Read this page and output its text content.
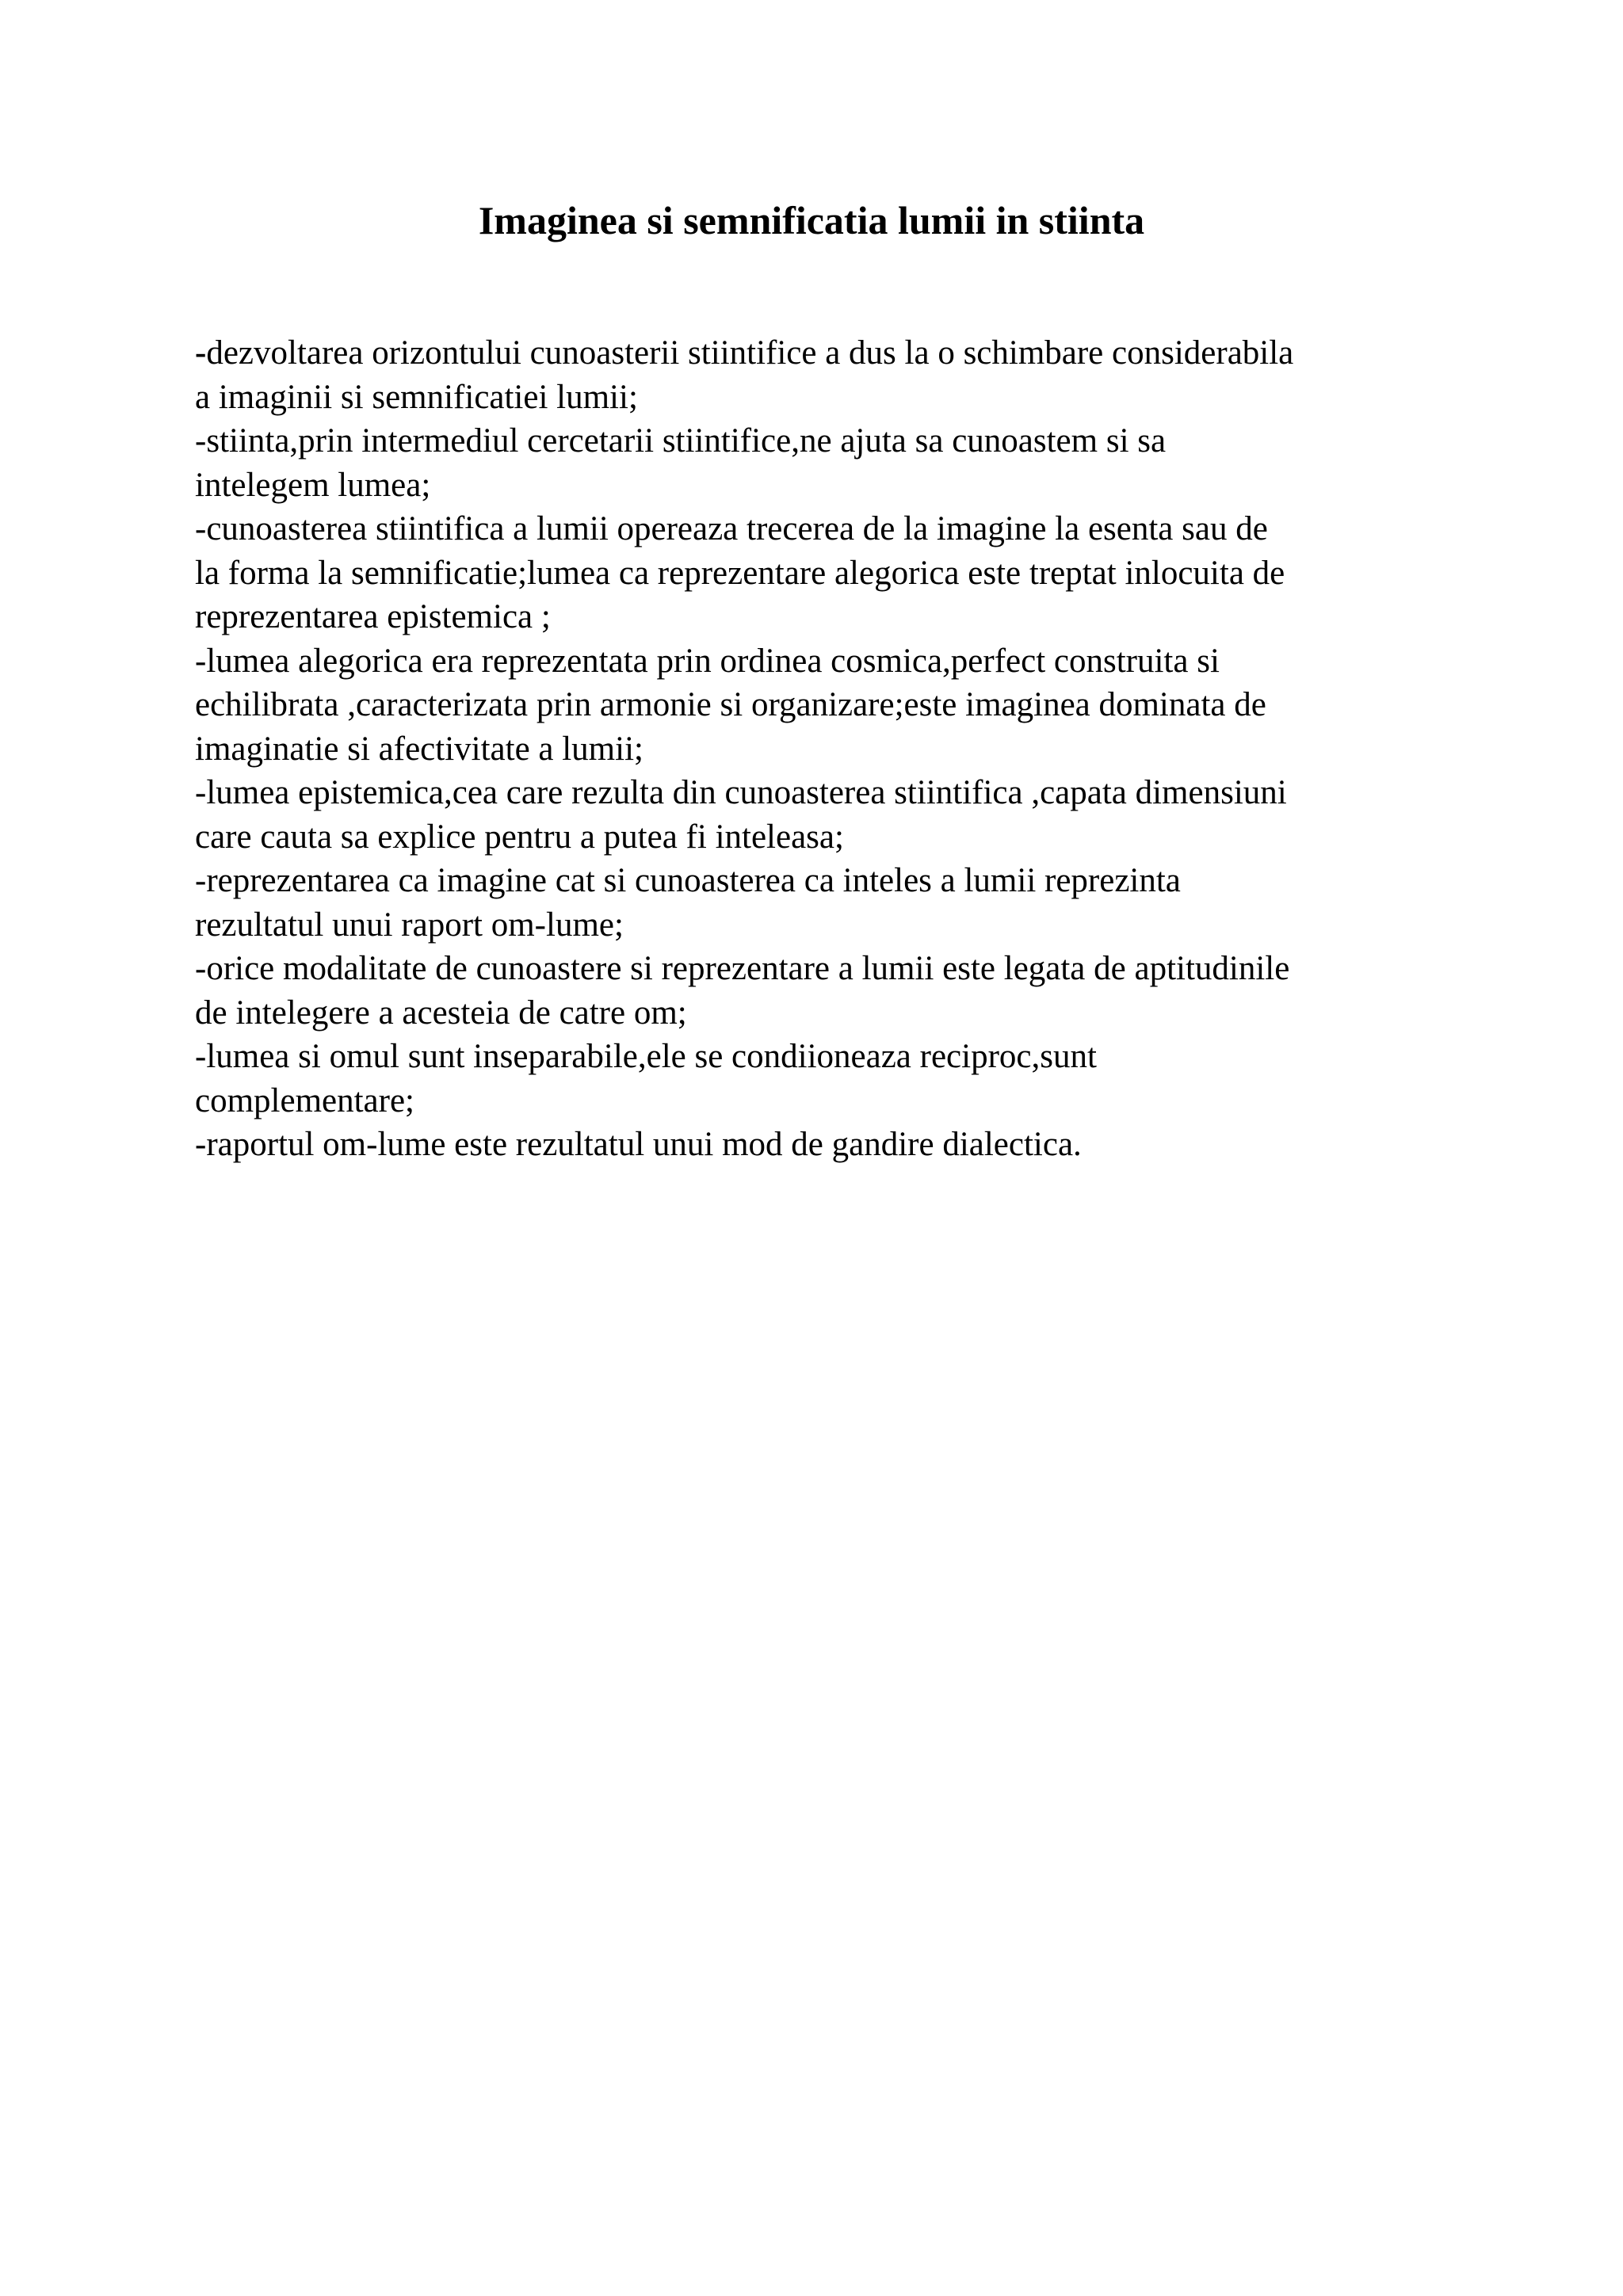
Imaginea si semnificatia lumii in stiinta
-dezvoltarea orizontului cunoasterii stiintifice a dus la o schimbare considerabila
a imaginii si semnificatiei lumii;
-stiinta,prin intermediul cercetarii stiintifice,ne ajuta sa cunoastem si sa
intelegem lumea;
-cunoasterea stiintifica a lumii opereaza trecerea de la imagine la esenta sau de
la forma la semnificatie;lumea ca reprezentare alegorica este treptat inlocuita de
reprezentarea epistemica ;
-lumea alegorica era reprezentata prin ordinea cosmica,perfect construita si
echilibrata ,caracterizata prin armonie si organizare;este imaginea dominata de
imaginatie si afectivitate a lumii;
-lumea epistemica,cea care rezulta din cunoasterea stiintifica ,capata dimensiuni
care cauta sa explice pentru a putea fi inteleasa;
-reprezentarea ca imagine cat si cunoasterea ca inteles a lumii reprezinta
rezultatul unui raport om-lume;
-orice modalitate de cunoastere si reprezentare a lumii este legata de aptitudinile
de intelegere a acesteia de catre om;
-lumea si omul sunt inseparabile,ele se condiioneaza reciproc,sunt
complementare;
-raportul om-lume este rezultatul unui mod de gandire dialectica.
